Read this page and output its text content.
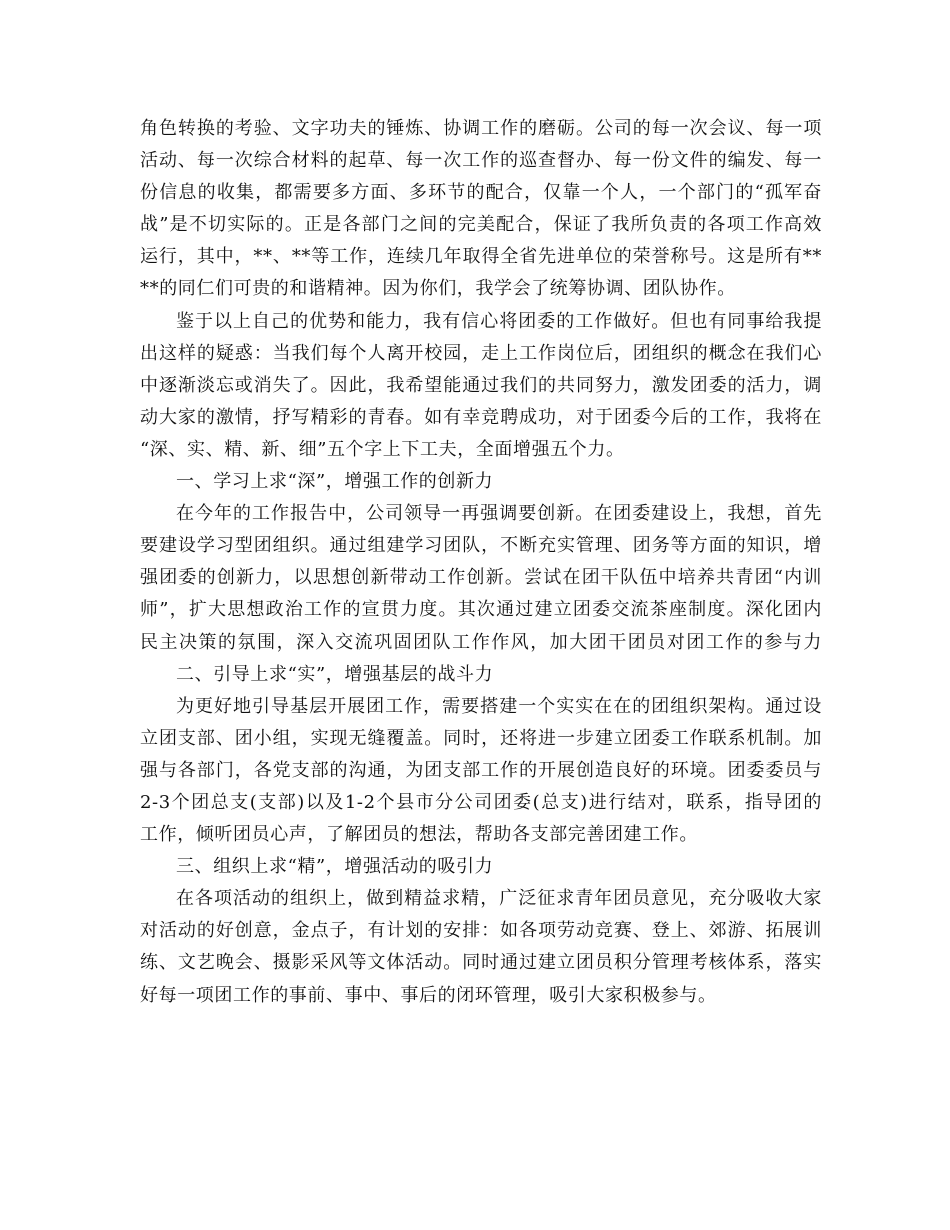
角色转换的考验、文字功夫的锤炼、协调工作的磨砺。公司的每一次会议、每一项
活动、每一次综合材料的起草、每一次工作的巡查督办、每一份文件的编发、每一
份信息的收集，都需要多方面、多环节的配合，仅靠一个人，一个部门的“孤军奋
战”是不切实际的。正是各部门之间的完美配合，保证了我所负责的各项工作高效
运行，其中，**、**等工作，连续几年取得全省先进单位的荣誉称号。这是所有**
**的同仁们可贵的和谐精神。因为你们，我学会了统筹协调、团队协作。
鉴于以上自己的优势和能力，我有信心将团委的工作做好。但也有同事给我提
出这样的疑惑：当我们每个人离开校园，走上工作岗位后，团组织的概念在我们心
中逐渐淡忘或消失了。因此，我希望能通过我们的共同努力，激发团委的活力，调
动大家的激情，抒写精彩的青春。如有幸竞聘成功，对于团委今后的工作，我将在
“深、实、精、新、细”五个字上下工夫，全面增强五个力。
一、学习上求“深”，增强工作的创新力
在今年的工作报告中，公司领导一再强调要创新。在团委建设上，我想，首先
要建设学习型团组织。通过组建学习团队，不断充实管理、团务等方面的知识，增
强团委的创新力，以思想创新带动工作创新。尝试在团干队伍中培养共青团“内训
师”，扩大思想政治工作的宣贯力度。其次通过建立团委交流茶座制度。深化团内
民主决策的氛围，深入交流巩固团队工作作风，加大团干团员对团工作的参与力
二、引导上求“实”，增强基层的战斗力
为更好地引导基层开展团工作，需要搭建一个实实在在的团组织架构。通过设
立团支部、团小组，实现无缝覆盖。同时，还将进一步建立团委工作联系机制。加
强与各部门，各党支部的沟通，为团支部工作的开展创造良好的环境。团委委员与
2-3个团总支(支部)以及1-2个县市分公司团委(总支)进行结对，联系，指导团的
工作，倾听团员心声，了解团员的想法，帮助各支部完善团建工作。
三、组织上求“精”，增强活动的吸引力
在各项活动的组织上，做到精益求精，广泛征求青年团员意见，充分吸收大家
对活动的好创意，金点子，有计划的安排：如各项劳动竞赛、登上、郊游、拓展训
练、文艺晚会、摄影采风等文体活动。同时通过建立团员积分管理考核体系，落实
好每一项团工作的事前、事中、事后的闭环管理，吸引大家积极参与。
